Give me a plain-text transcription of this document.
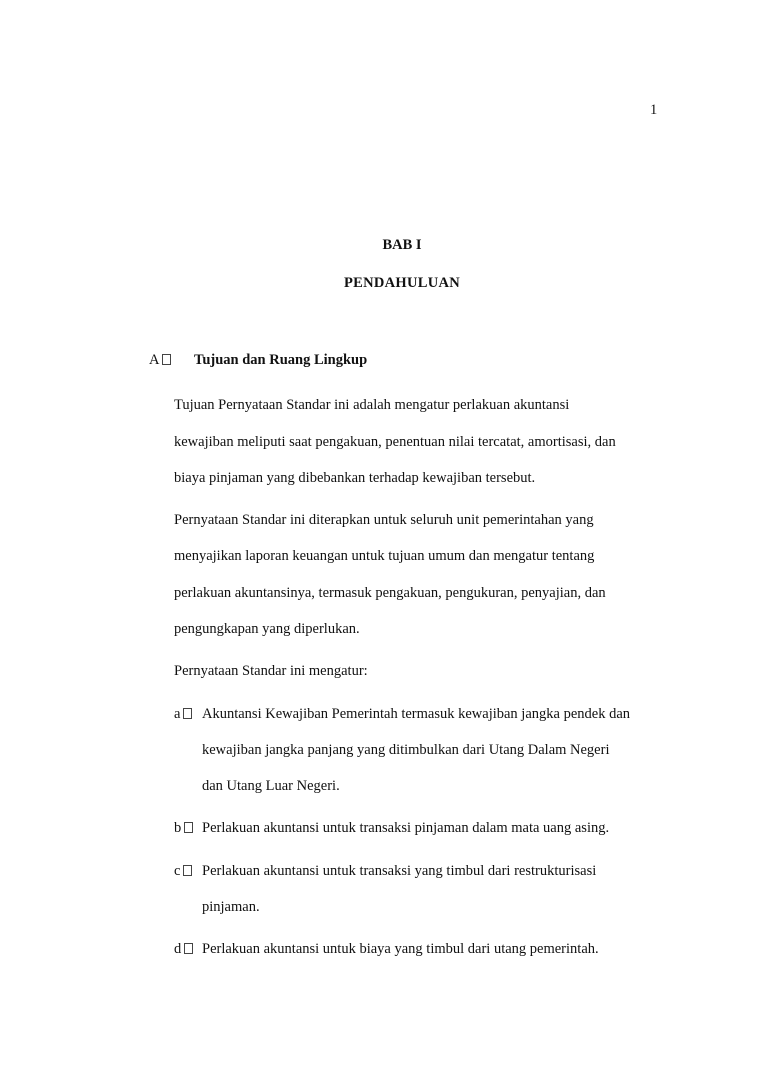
1
BAB I
PENDAHULUAN
A	Tujuan dan Ruang Lingkup
Tujuan Pernyataan Standar ini adalah mengatur perlakuan akuntansi
kewajiban meliputi saat pengakuan, penentuan nilai tercatat, amortisasi, dan
biaya pinjaman yang dibebankan terhadap kewajiban tersebut.
Pernyataan Standar ini diterapkan untuk seluruh unit pemerintahan yang
menyajikan laporan keuangan untuk tujuan umum dan mengatur tentang
perlakuan akuntansinya, termasuk pengakuan, pengukuran, penyajian, dan
pengungkapan yang diperlukan.
Pernyataan Standar ini mengatur:
a	Akuntansi Kewajiban Pemerintah termasuk kewajiban jangka pendek dan
kewajiban jangka panjang yang ditimbulkan dari Utang Dalam Negeri
dan Utang Luar Negeri.
b	Perlakuan akuntansi untuk transaksi pinjaman dalam mata uang asing.
c	Perlakuan akuntansi untuk transaksi yang timbul dari restrukturisasi
pinjaman.
d	Perlakuan akuntansi untuk biaya yang timbul dari utang pemerintah.
